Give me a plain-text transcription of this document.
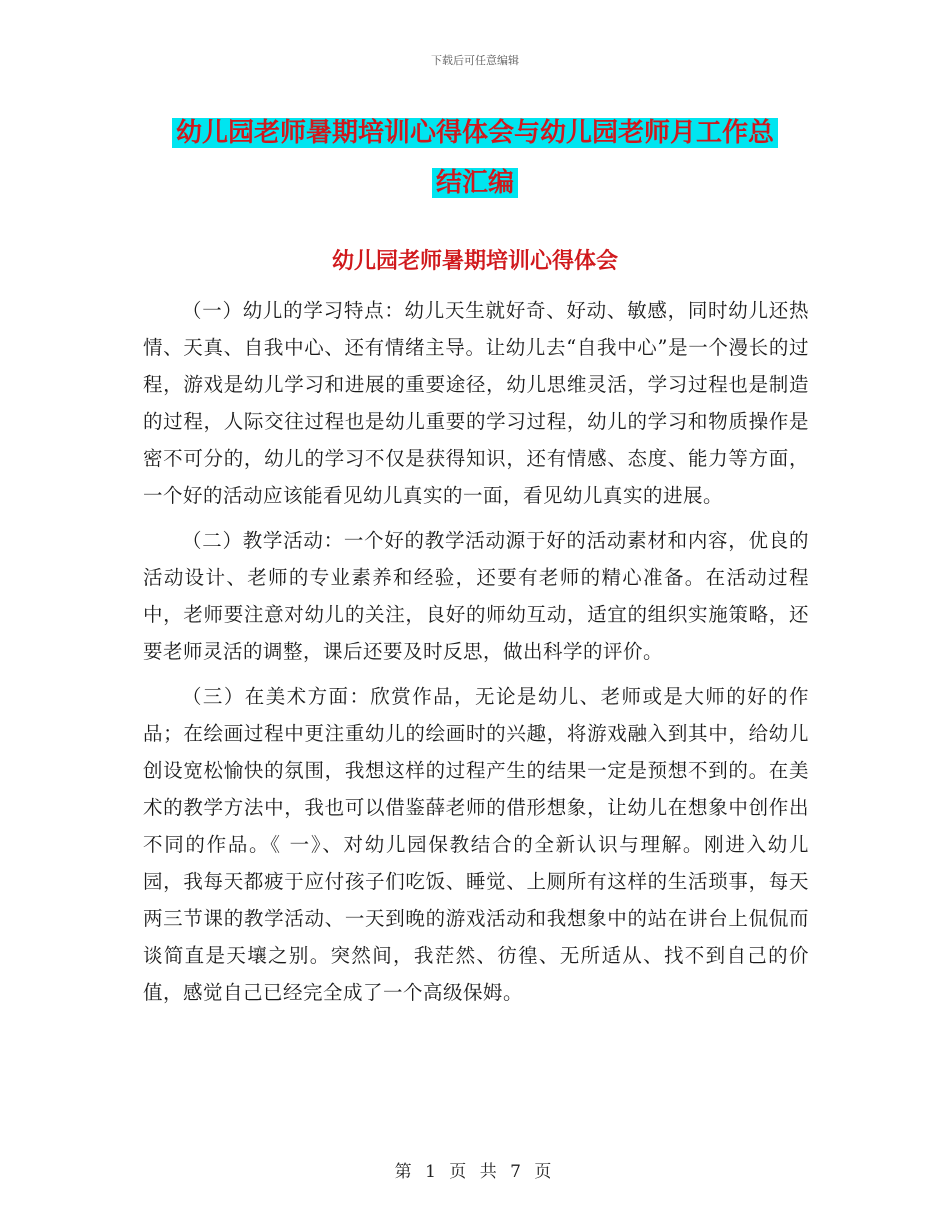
下载后可任意编辑
幼儿园老师暑期培训心得体会与幼儿园老师月工作总
结汇编
幼儿园老师暑期培训心得体会

（一）幼儿的学习特点：幼儿天生就好奇、好动、敏感，同时幼儿还热情、天真、自我中心、还有情绪主导。让幼儿去“自我中心”是一个漫长的过程，游戏是幼儿学习和进展的重要途径，幼儿思维灵活，学习过程也是制造的过程，人际交往过程也是幼儿重要的学习过程，幼儿的学习和物质操作是密不可分的，幼儿的学习不仅是获得知识，还有情感、态度、能力等方面，一个好的活动应该能看见幼儿真实的一面，看见幼儿真实的进展。

（二）教学活动：一个好的教学活动源于好的活动素材和内容，优良的活动设计、老师的专业素养和经验，还要有老师的精心准备。在活动过程中，老师要注意对幼儿的关注，良好的师幼互动，适宜的组织实施策略，还要老师灵活的调整，课后还要及时反思，做出科学的评价。

（三）在美术方面：欣赏作品，无论是幼儿、老师或是大师的好的作品；在绘画过程中更注重幼儿的绘画时的兴趣，将游戏融入到其中，给幼儿创设宽松愉快的氛围，我想这样的过程产生的结果一定是预想不到的。在美术的教学方法中，我也可以借鉴薛老师的借形想象，让幼儿在想象中创作出不同的作品。《 一》、对幼儿园保教结合的全新认识与理解。刚进入幼儿园，我每天都疲于应付孩子们吃饭、睡觉、上厕所有这样的生活琐事，每天两三节课的教学活动、一天到晚的游戏活动和我想象中的站在讲台上侃侃而谈简直是天壤之别。突然间，我茫然、彷徨、无所适从、找不到自己的价值，感觉自己已经完全成了一个高级保姆。

第 1 页 共 7 页
